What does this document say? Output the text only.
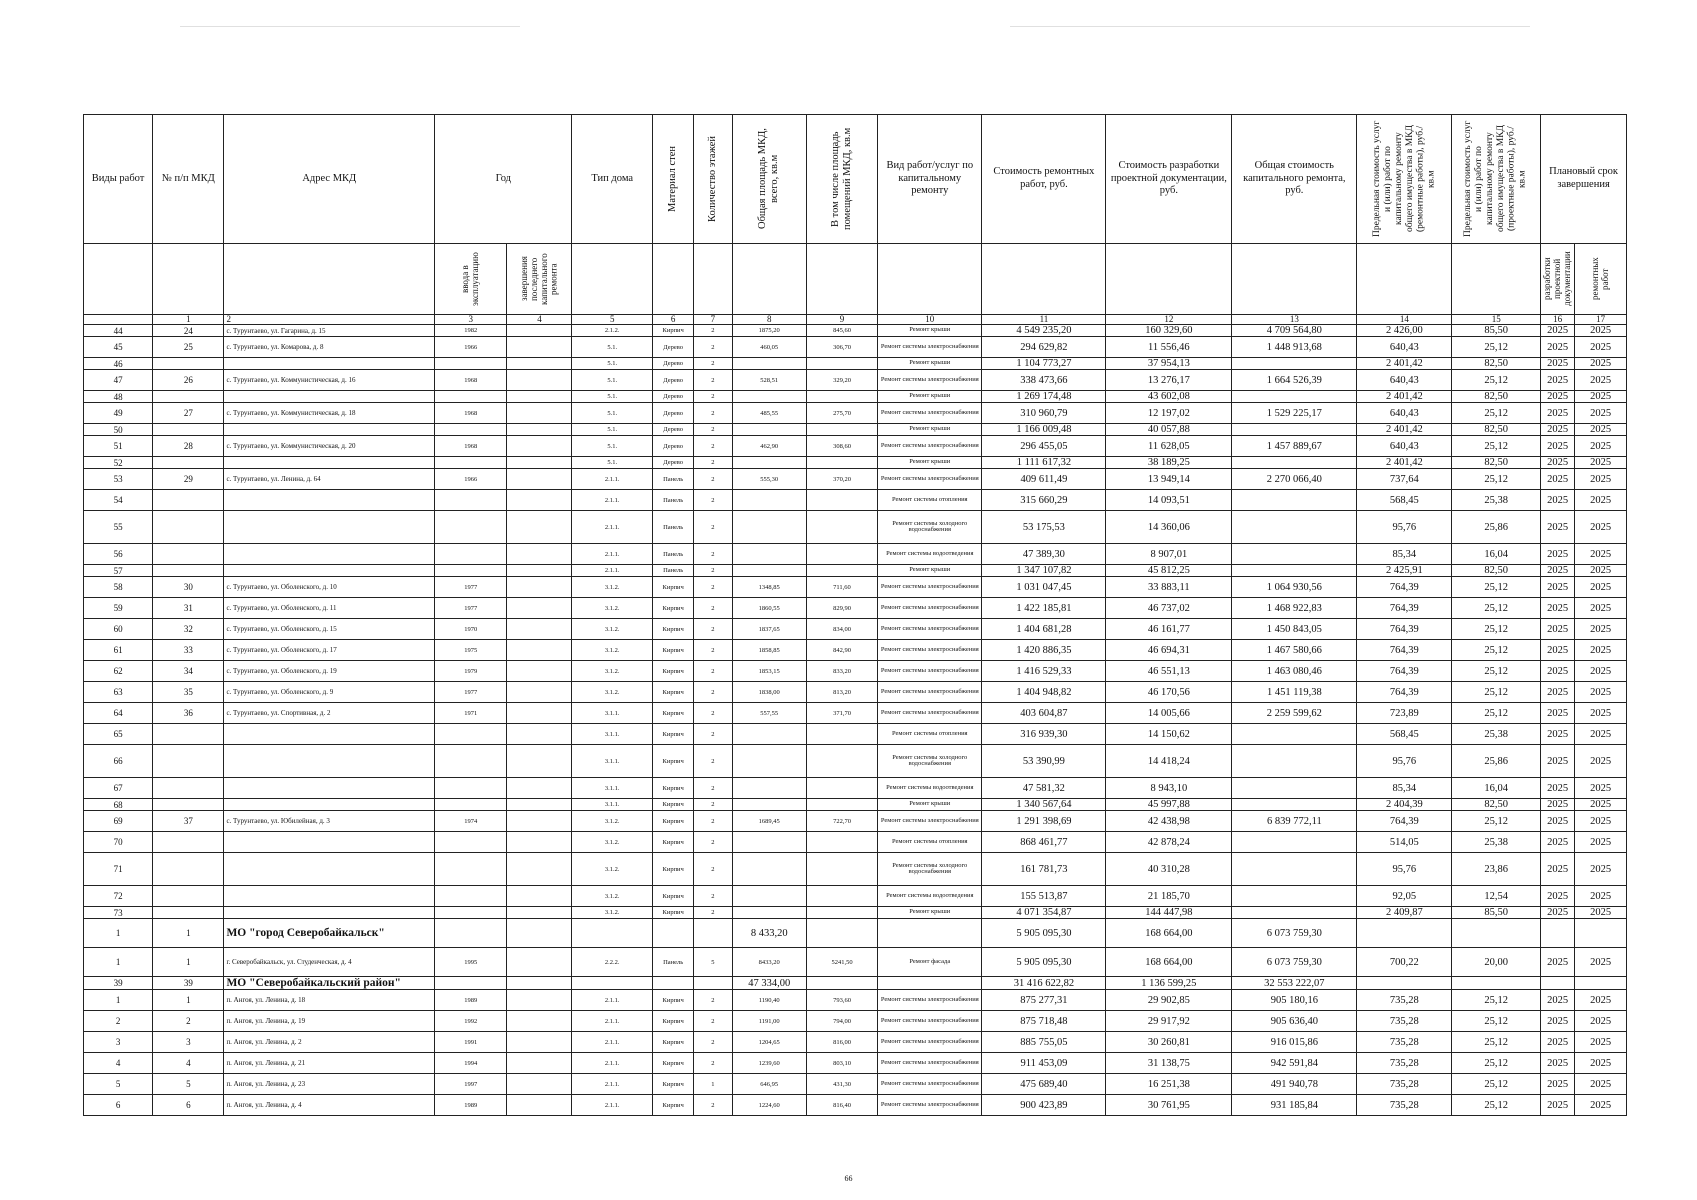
Виды работ	№ п/п МКД	Адрес МКД	Год		Тип дома	Материал стен	Количество этажей	Общая площадь МКД, всего, кв.м	В том числе площадь помещений МКД, кв.м	Вид работ/услуг по капитальному ремонту	Стоимость ремонтных работ, руб.	Стоимость разработки проектной документации, руб.	Общая стоимость капитального ремонта, руб.	Предельная стоимость услуг и (или) работ по капитальному ремонту общего имущества в МКД (ремонтные работы), руб./кв.м	Предельная стоимость услуг и (или) работ по капитальному ремонту общего имущества в МКД (проектные работы), руб./кв.м	Плановый срок завершения	

			ввода в эксплуатацию	завершения последнего капитального ремонта												разработки проектной документации	ремонтных работ

	1	2	3	4	5	6	7	8	9	10	11	12	13	14	15	16	17
44	24	с. Турунтаево, ул. Гагарина, д. 15	1982		2.1.2.	Кирпич	2	1875,20	845,60	Ремонт крыши	4 549 235,20	160 329,60	4 709 564,80	2 426,00	85,50	2025	2025
45	25	с. Турунтаево, ул. Комарова, д. 8	1966		5.1.	Дерево	2	460,05	306,70	Ремонт системы электроснабжения	294 629,82	11 556,46	1 448 913,68	640,43	25,12	2025	2025
46					5.1.	Дерево	2			Ремонт крыши	1 104 773,27	37 954,13		2 401,42	82,50	2025	2025
47	26	с. Турунтаево, ул. Коммунистическая, д. 16	1968		5.1.	Дерево	2	528,51	329,20	Ремонт системы электроснабжения	338 473,66	13 276,17	1 664 526,39	640,43	25,12	2025	2025
48					5.1.	Дерево	2			Ремонт крыши	1 269 174,48	43 602,08		2 401,42	82,50	2025	2025
49	27	с. Турунтаево, ул. Коммунистическая, д. 18	1968		5.1.	Дерево	2	485,55	275,70	Ремонт системы электроснабжения	310 960,79	12 197,02	1 529 225,17	640,43	25,12	2025	2025
50					5.1.	Дерево	2			Ремонт крыши	1 166 009,48	40 057,88		2 401,42	82,50	2025	2025
51	28	с. Турунтаево, ул. Коммунистическая, д. 20	1968		5.1.	Дерево	2	462,90	308,60	Ремонт системы электроснабжения	296 455,05	11 628,05	1 457 889,67	640,43	25,12	2025	2025
52					5.1.	Дерево	2			Ремонт крыши	1 111 617,32	38 189,25		2 401,42	82,50	2025	2025
53	29	с. Турунтаево, ул. Ленина, д. 64	1966		2.1.1.	Панель	2	555,30	370,20	Ремонт системы электроснабжения	409 611,49	13 949,14	2 270 066,40	737,64	25,12	2025	2025
54					2.1.1.	Панель	2			Ремонт системы отопления	315 660,29	14 093,51		568,45	25,38	2025	2025
55					2.1.1.	Панель	2			Ремонт системы холодного водоснабжения	53 175,53	14 360,06		95,76	25,86	2025	2025
56					2.1.1.	Панель	2			Ремонт системы водоотведения	47 389,30	8 907,01		85,34	16,04	2025	2025
57					2.1.1.	Панель	2			Ремонт крыши	1 347 107,82	45 812,25		2 425,91	82,50	2025	2025
58	30	с. Турунтаево, ул. Оболенского, д. 10	1977		3.1.2.	Кирпич	2	1348,85	711,60	Ремонт системы электроснабжения	1 031 047,45	33 883,11	1 064 930,56	764,39	25,12	2025	2025
59	31	с. Турунтаево, ул. Оболенского, д. 11	1977		3.1.2.	Кирпич	2	1860,55	829,90	Ремонт системы электроснабжения	1 422 185,81	46 737,02	1 468 922,83	764,39	25,12	2025	2025
60	32	с. Турунтаево, ул. Оболенского, д. 15	1970		3.1.2.	Кирпич	2	1837,65	834,00	Ремонт системы электроснабжения	1 404 681,28	46 161,77	1 450 843,05	764,39	25,12	2025	2025
61	33	с. Турунтаево, ул. Оболенского, д. 17	1975		3.1.2.	Кирпич	2	1858,85	842,90	Ремонт системы электроснабжения	1 420 886,35	46 694,31	1 467 580,66	764,39	25,12	2025	2025
62	34	с. Турунтаево, ул. Оболенского, д. 19	1979		3.1.2.	Кирпич	2	1853,15	833,20	Ремонт системы электроснабжения	1 416 529,33	46 551,13	1 463 080,46	764,39	25,12	2025	2025
63	35	с. Турунтаево, ул. Оболенского, д. 9	1977		3.1.2.	Кирпич	2	1838,00	813,20	Ремонт системы электроснабжения	1 404 948,82	46 170,56	1 451 119,38	764,39	25,12	2025	2025
64	36	с. Турунтаево, ул. Спортивная, д. 2	1971		3.1.1.	Кирпич	2	557,55	371,70	Ремонт системы электроснабжения	403 604,87	14 005,66	2 259 599,62	723,89	25,12	2025	2025
65					3.1.1.	Кирпич	2			Ремонт системы отопления	316 939,30	14 150,62		568,45	25,38	2025	2025
66					3.1.1.	Кирпич	2			Ремонт системы холодного водоснабжения	53 390,99	14 418,24		95,76	25,86	2025	2025
67					3.1.1.	Кирпич	2			Ремонт системы водоотведения	47 581,32	8 943,10		85,34	16,04	2025	2025
68					3.1.1.	Кирпич	2			Ремонт крыши	1 340 567,64	45 997,88		2 404,39	82,50	2025	2025
69	37	с. Турунтаево, ул. Юбилейная, д. 3	1974		3.1.2.	Кирпич	2	1689,45	722,70	Ремонт системы электроснабжения	1 291 398,69	42 438,98	6 839 772,11	764,39	25,12	2025	2025
70					3.1.2.	Кирпич	2			Ремонт системы отопления	868 461,77	42 878,24		514,05	25,38	2025	2025
71					3.1.2.	Кирпич	2			Ремонт системы холодного водоснабжения	161 781,73	40 310,28		95,76	23,86	2025	2025
72					3.1.2.	Кирпич	2			Ремонт системы водоотведения	155 513,87	21 185,70		92,05	12,54	2025	2025
73					3.1.2.	Кирпич	2			Ремонт крыши	4 071 354,87	144 447,98		2 409,87	85,50	2025	2025
1	1	МО "город Северобайкальск"						8 433,20			5 905 095,30	168 664,00	6 073 759,30				
1	1	г. Северобайкальск, ул. Студенческая, д. 4	1995		2.2.2.	Панель	5	8433,20	5241,50	Ремонт фасада	5 905 095,30	168 664,00	6 073 759,30	700,22	20,00	2025	2025
39	39	МО "Северобайкальский район"						47 334,00			31 416 622,82	1 136 599,25	32 553 222,07				
1	1	п. Ангоя, ул. Ленина, д. 18	1989		2.1.1.	Кирпич	2	1190,40	793,60	Ремонт системы электроснабжения	875 277,31	29 902,85	905 180,16	735,28	25,12	2025	2025
2	2	п. Ангоя, ул. Ленина, д. 19	1992		2.1.1.	Кирпич	2	1191,00	794,00	Ремонт системы электроснабжения	875 718,48	29 917,92	905 636,40	735,28	25,12	2025	2025
3	3	п. Ангоя, ул. Ленина, д. 2	1991		2.1.1.	Кирпич	2	1204,65	816,00	Ремонт системы электроснабжения	885 755,05	30 260,81	916 015,86	735,28	25,12	2025	2025
4	4	п. Ангоя, ул. Ленина, д. 21	1994		2.1.1.	Кирпич	2	1239,60	803,10	Ремонт системы электроснабжения	911 453,09	31 138,75	942 591,84	735,28	25,12	2025	2025
5	5	п. Ангоя, ул. Ленина, д. 23	1997		2.1.1.	Кирпич	1	646,95	431,30	Ремонт системы электроснабжения	475 689,40	16 251,38	491 940,78	735,28	25,12	2025	2025
6	6	п. Ангоя, ул. Ленина, д. 4	1989		2.1.1.	Кирпич	2	1224,60	816,40	Ремонт системы электроснабжения	900 423,89	30 761,95	931 185,84	735,28	25,12	2025	2025
66
